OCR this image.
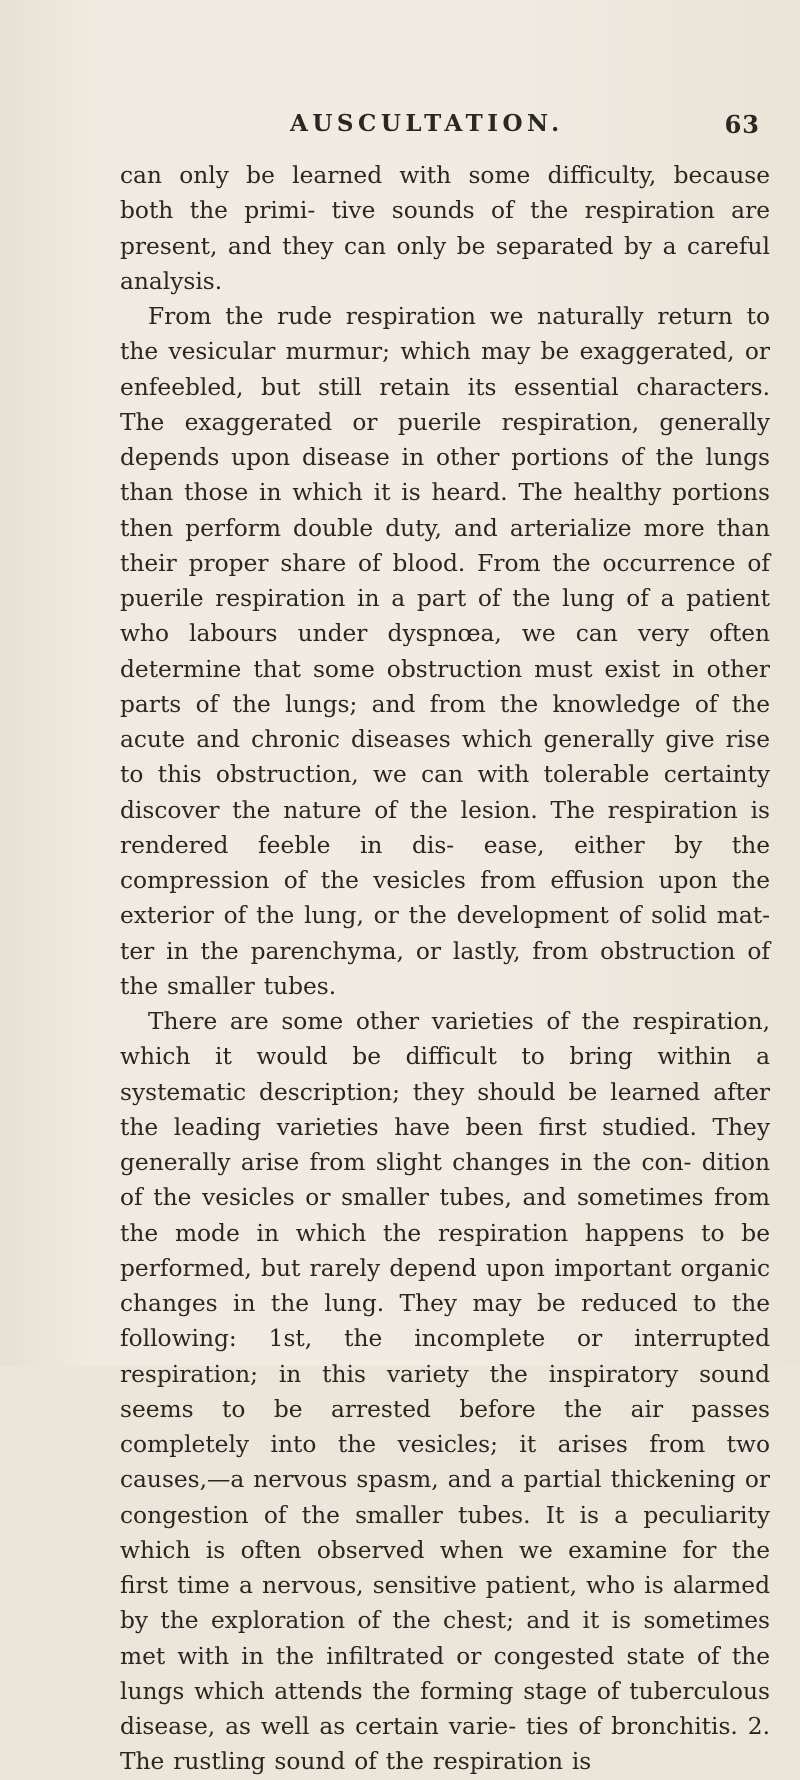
AUSCULTATION.	63

can only be learned with some difficulty, because both the primi- tive sounds of the respiration are present, and they can only be separated by a careful analysis.

From the rude respiration we naturally return to the vesicular murmur; which may be exaggerated, or enfeebled, but still retain its essential characters. The exaggerated or puerile respiration, generally depends upon disease in other portions of the lungs than those in which it is heard. The healthy portions then perform double duty, and arterialize more than their proper share of blood. From the occurrence of puerile respiration in a part of the lung of a patient who labours under dyspnœa, we can very often determine that some obstruction must exist in other parts of the lungs; and from the knowledge of the acute and chronic diseases which generally give rise to this obstruction, we can with tolerable certainty discover the nature of the lesion. The respiration is rendered feeble in dis- ease, either by the compression of the vesicles from effusion upon the exterior of the lung, or the development of solid mat- ter in the parenchyma, or lastly, from obstruction of the smaller tubes.

There are some other varieties of the respiration, which it would be difficult to bring within a systematic description; they should be learned after the leading varieties have been first studied. They generally arise from slight changes in the con- dition of the vesicles or smaller tubes, and sometimes from the mode in which the respiration happens to be performed, but rarely depend upon important organic changes in the lung. They may be reduced to the following: 1st, the incomplete or interrupted respiration; in this variety the inspiratory sound seems to be arrested before the air passes completely into the vesicles; it arises from two causes,—a nervous spasm, and a partial thickening or congestion of the smaller tubes. It is a peculiarity which is often observed when we examine for the first time a nervous, sensitive patient, who is alarmed by the exploration of the chest; and it is sometimes met with in the infiltrated or congested state of the lungs which attends the forming stage of tuberculous disease, as well as certain varie- ties of bronchitis. 2. The rustling sound of the respiration is
